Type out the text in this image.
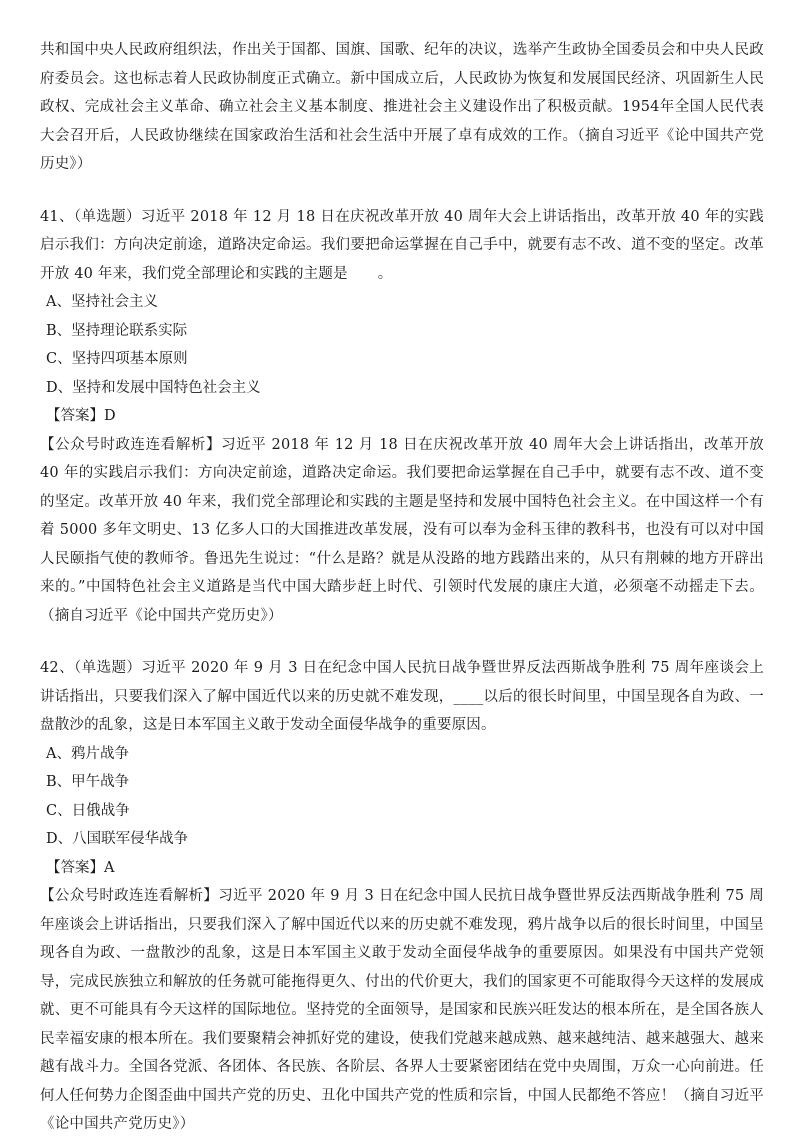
共和国中央人民政府组织法，作出关于国都、国旗、国歌、纪年的决议，选举产生政协全国委员会和中央人民政府委员会。这也标志着人民政协制度正式确立。新中国成立后，人民政协为恢复和发展国民经济、巩固新生人民政权、完成社会主义革命、确立社会主义基本制度、推进社会主义建设作出了积极贡献。1954年全国人民代表大会召开后，人民政协继续在国家政治生活和社会生活中开展了卓有成效的工作。（摘自习近平《论中国共产党历史》）

41、（单选题）习近平 2018 年 12 月 18 日在庆祝改革开放 40 周年大会上讲话指出，改革开放 40 年的实践启示我们：方向决定前途，道路决定命运。我们要把命运掌握在自己手中，就要有志不改、道不变的坚定。改革开放 40 年来，我们党全部理论和实践的主题是 。

A、坚持社会主义

B、坚持理论联系实际

C、坚持四项基本原则

D、坚持和发展中国特色社会主义

【答案】D

【公众号时政连连看解析】习近平 2018 年 12 月 18 日在庆祝改革开放 40 周年大会上讲话指出，改革开放 40 年的实践启示我们：方向决定前途，道路决定命运。我们要把命运掌握在自己手中，就要有志不改、道不变的坚定。改革开放 40 年来，我们党全部理论和实践的主题是坚持和发展中国特色社会主义。在中国这样一个有着 5000 多年文明史、13 亿多人口的大国推进改革发展，没有可以奉为金科玉律的教科书，也没有可以对中国人民颐指气使的教师爷。鲁迅先生说过：“什么是路？就是从没路的地方践踏出来的，从只有荆棘的地方开辟出来的。”中国特色社会主义道路是当代中国大踏步赶上时代、引领时代发展的康庄大道，必须毫不动摇走下去。（摘自习近平《论中国共产党历史》）

42、（单选题）习近平 2020 年 9 月 3 日在纪念中国人民抗日战争暨世界反法西斯战争胜利 75 周年座谈会上讲话指出，只要我们深入了解中国近代以来的历史就不难发现，____以后的很长时间里，中国呈现各自为政、一盘散沙的乱象，这是日本军国主义敢于发动全面侵华战争的重要原因。

A、鸦片战争

B、甲午战争

C、日俄战争

D、八国联军侵华战争

【答案】A

【公众号时政连连看解析】习近平 2020 年 9 月 3 日在纪念中国人民抗日战争暨世界反法西斯战争胜利 75 周年座谈会上讲话指出，只要我们深入了解中国近代以来的历史就不难发现，鸦片战争以后的很长时间里，中国呈现各自为政、一盘散沙的乱象，这是日本军国主义敢于发动全面侵华战争的重要原因。如果没有中国共产党领导，完成民族独立和解放的任务就可能拖得更久、付出的代价更大，我们的国家更不可能取得今天这样的发展成就、更不可能具有今天这样的国际地位。坚持党的全面领导，是国家和民族兴旺发达的根本所在，是全国各族人民幸福安康的根本所在。我们要聚精会神抓好党的建设，使我们党越来越成熟、越来越纯洁、越来越强大、越来越有战斗力。全国各党派、各团体、各民族、各阶层、各界人士要紧密团结在党中央周围，万众一心向前进。任何人任何势力企图歪曲中国共产党的历史、丑化中国共产党的性质和宗旨，中国人民都绝不答应！（摘自习近平《论中国共产党历史》）
